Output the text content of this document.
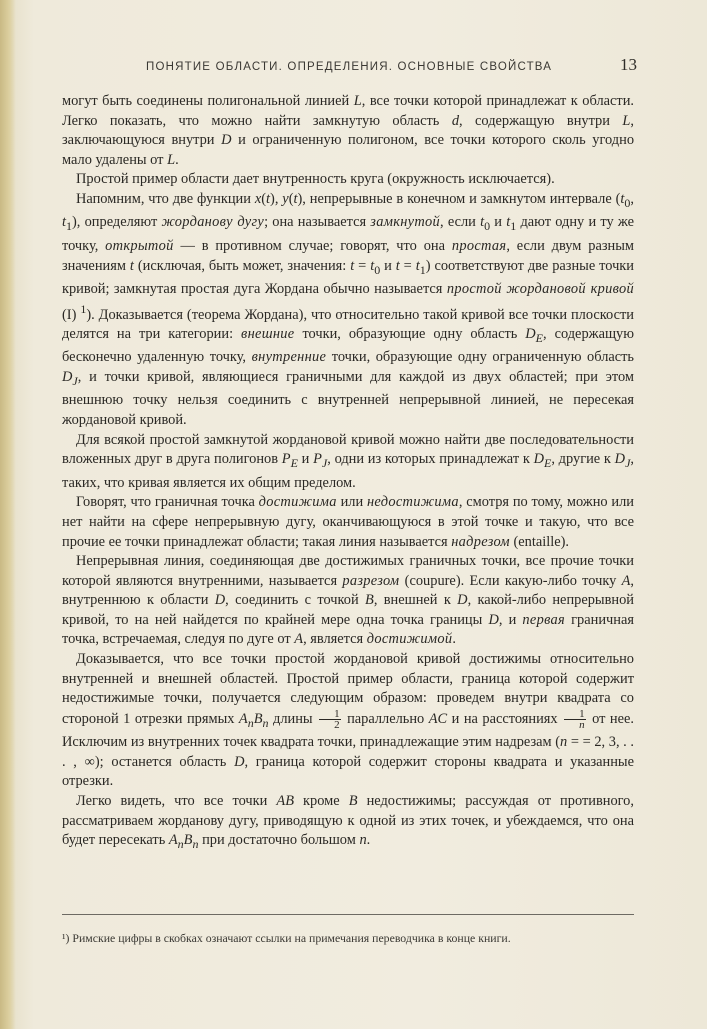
ПОНЯТИЕ ОБЛАСТИ. ОПРЕДЕЛЕНИЯ. ОСНОВНЫЕ СВОЙСТВА	13

могут быть соединены полигональной линией L, все точки которой принадлежат к области. Легко показать, что можно найти замкнутую область d, содержащую внутри L, заключающуюся внутри D и ограниченную полигоном, все точки которого сколь угодно мало удалены от L.

Простой пример области дает внутренность круга (окружность исключается).

Напомним, что две функции x(t), y(t), непрерывные в конечном и замкнутом интервале ($t_0$, $t_1$), определяют жорданову дугу; она называется замкнутой, если $t_0$ и $t_1$ дают одну и ту же точку, открытой — в противном случае; говорят, что она простая, если двум разным значениям t (исключая, быть может, значения: $t = t_0$ и $t = t_1$) соответствуют две разные точки кривой; замкнутая простая дуга Жордана обычно называется простой жордановой кривой (I) $^1$). Доказывается (теорема Жордана), что относительно такой кривой все точки плоскости делятся на три категории: внешние точки, образующие одну область $D_E$, содержащую бесконечно удаленную точку, внутренние точки, образующие одну ограниченную область $D_J$, и точки кривой, являющиеся граничными для каждой из двух областей; при этом внешнюю точку нельзя соединить с внутренней непрерывной линией, не пересекая жордановой кривой.

Для всякой простой замкнутой жордановой кривой можно найти две последовательности вложенных друг в друга полигонов $P_E$ и $P_J$, одни из которых принадлежат к $D_E$, другие к $D_J$, таких, что кривая является их общим пределом.

Говорят, что граничная точка достижима или недостижима, смотря по тому, можно или нет найти на сфере непрерывную дугу, оканчивающуюся в этой точке и такую, что все прочие ее точки принадлежат области; такая линия называется надрезом (entaille).

Непрерывная линия, соединяющая две достижимых граничных точки, все прочие точки которой являются внутренними, называется разрезом (coupure). Если какую-либо точку A, внутреннюю к области D, соединить с точкой B, внешней к D, какой-либо непрерывной кривой, то на ней найдется по крайней мере одна точка границы D, и первая граничная точка, встречаемая, следуя по дуге от A, является достижимой.

Доказывается, что все точки простой жордановой кривой достижимы относительно внутренней и внешней областей. Простой пример области, граница которой содержит недостижимые точки, получается следующим образом: проведем внутри квадрата со стороной 1 отрезки прямых $A_nB_n$ длины $\frac{1}{2}$ параллельно AC и на расстояниях $\frac{1}{n}$ от нее. Исключим из внутренних точек квадрата точки, принадлежащие этим надрезам (n = = 2, 3, . . . , ∞); останется область D, граница которой содержит стороны квадрата и указанные отрезки.

Легко видеть, что все точки AB кроме B недостижимы; рассуждая от противного, рассматриваем жорданову дугу, приводящую к одной из этих точек, и убеждаемся, что она будет пересекать $A_nB_n$ при достаточно большом n.

¹) Римские цифры в скобках означают ссылки на примечания переводчика в конце книги.
